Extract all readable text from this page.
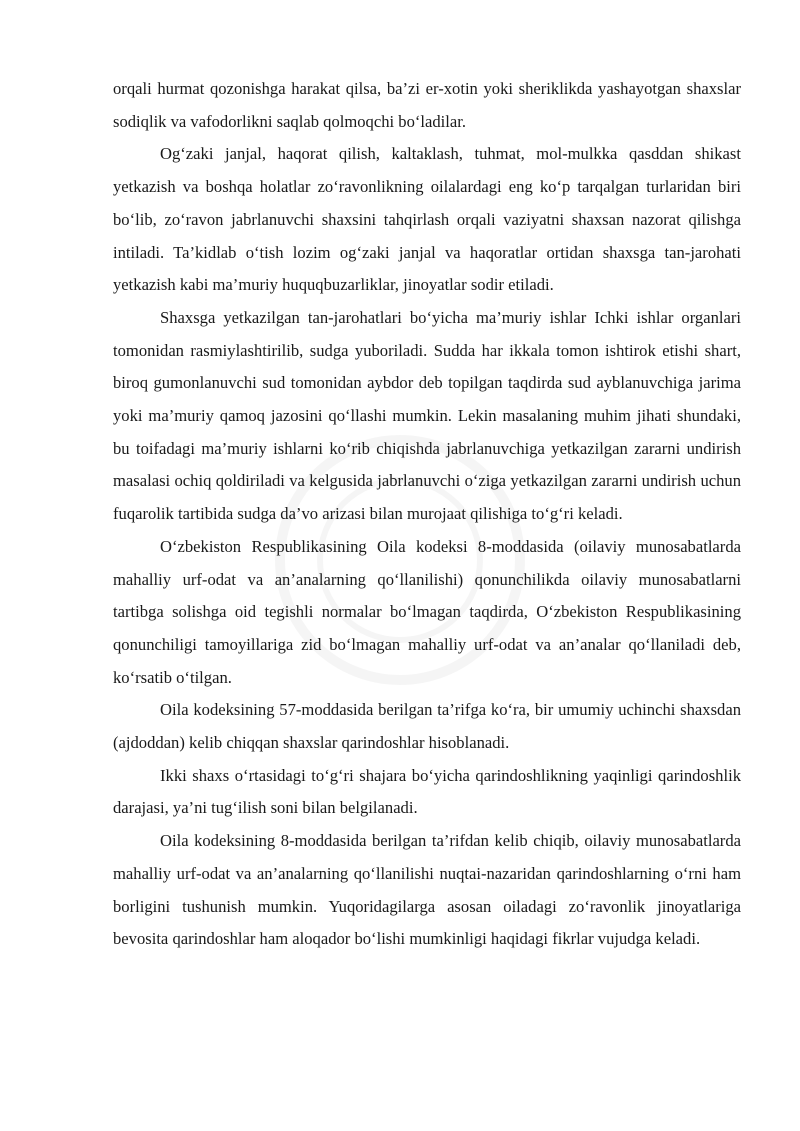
orqali hurmat qozonishga harakat qilsa, ba’zi er-xotin yoki sheriklikda yashayotgan shaxslar sodiqlik va vafodorlikni saqlab qolmoqchi bo‘ladilar.

Og‘zaki janjal, haqorat qilish, kaltaklash, tuhmat, mol-mulkka qasddan shikast yetkazish va boshqa holatlar zo‘ravonlikning oilalardagi eng ko‘p tarqalgan turlaridan biri bo‘lib, zo‘ravon jabrlanuvchi shaxsini tahqirlash orqali vaziyatni shaxsan nazorat qilishga intiladi. Ta’kidlab o‘tish lozim og‘zaki janjal va haqoratlar ortidan shaxsga tan-jarohati yetkazish kabi ma’muriy huquqbuzarliklar, jinoyatlar sodir etiladi.

Shaxsga yetkazilgan tan-jarohatlari bo‘yicha ma’muriy ishlar Ichki ishlar organlari tomonidan rasmiylashtirilib, sudga yuboriladi. Sudda har ikkala tomon ishtirok etishi shart, biroq gumonlanuvchi sud tomonidan aybdor deb topilgan taqdirda sud ayblanuvchiga jarima yoki ma’muriy qamoq jazosini qo‘llashi mumkin. Lekin masalaning muhim jihati shundaki, bu toifadagi ma’muriy ishlarni ko‘rib chiqishda jabrlanuvchiga yetkazilgan zararni undirish masalasi ochiq qoldiriladi va kelgusida jabrlanuvchi o‘ziga yetkazilgan zararni undirish uchun fuqarolik tartibida sudga da’vo arizasi bilan murojaat qilishiga to‘g‘ri keladi.

O‘zbekiston Respublikasining Oila kodeksi 8-moddasida (oilaviy munosabatlarda mahalliy urf-odat va an’analarning qo‘llanilishi) qonunchilikda oilaviy munosabatlarni tartibga solishga oid tegishli normalar bo‘lmagan taqdirda, O‘zbekiston Respublikasining qonunchiligi tamoyillariga zid bo‘lmagan mahalliy urf-odat va an’analar qo‘llaniladi deb, ko‘rsatib o‘tilgan.

Oila kodeksining 57-moddasida berilgan ta’rifga ko‘ra, bir umumiy uchinchi shaxsdan (ajdoddan) kelib chiqqan shaxslar qarindoshlar hisoblanadi.

Ikki shaxs o‘rtasidagi to‘g‘ri shajara bo‘yicha qarindoshlikning yaqinligi qarindoshlik darajasi, ya’ni tug‘ilish soni bilan belgilanadi.

Oila kodeksining 8-moddasida berilgan ta’rifdan kelib chiqib, oilaviy munosabatlarda mahalliy urf-odat va an’analarning qo‘llanilishi nuqtai-nazaridan qarindoshlarning o‘rni ham borligini tushunish mumkin. Yuqoridagilarga asosan oiladagi zo‘ravonlik jinoyatlariga bevosita qarindoshlar ham aloqador bo‘lishi mumkinligi haqidagi fikrlar vujudga keladi.
